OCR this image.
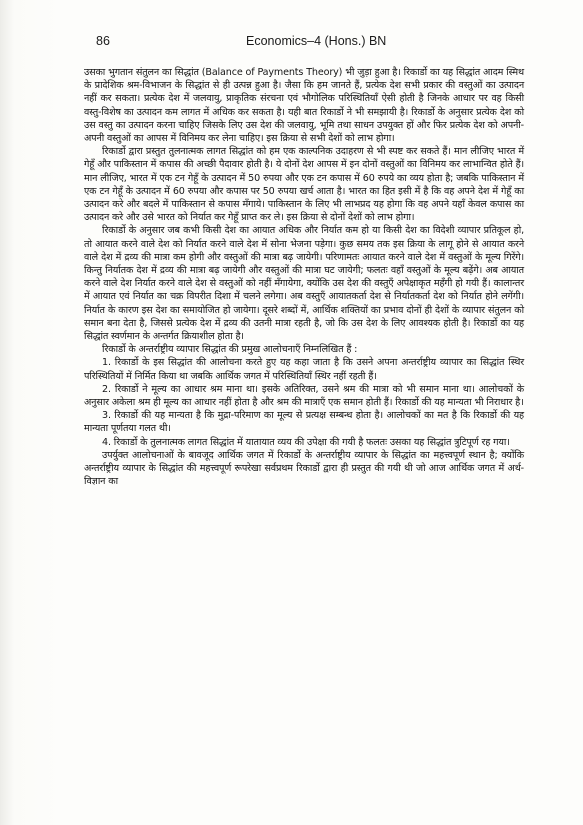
86	Economics–4 (Hons.) BN

उसका भुगतान संतुलन का सिद्धांत (Balance of Payments Theory) भी जुड़ा हुआ है। रिकार्डो का यह सिद्धांत आदम स्मिथ के प्रादेशिक श्रम-विभाजन के सिद्धांत से ही उत्पन्न हुआ है। जैसा कि हम जानते हैं, प्रत्येक देश सभी प्रकार की वस्तुओं का उत्पादन नहीं कर सकता। प्रत्येक देश में जलवायु, प्राकृतिक संरचना एवं भौगोलिक परिस्थितियाँ ऐसी होती है जिनके आधार पर वह किसी वस्तु-विशेष का उत्पादन कम लागत में अधिक कर सकता है। यही बात रिकार्डो ने भी समझायी है। रिकार्डो के अनुसार प्रत्येक देश को उस वस्तु का उत्पादन करना चाहिए जिसके लिए उस देश की जलवायु, भूमि तथा साधन उपयुक्त हों और फिर प्रत्येक देश को अपनी-अपनी वस्तुओं का आपस में विनिमय कर लेना चाहिए। इस क्रिया से सभी देशों को लाभ होगा।

रिकार्डो द्वारा प्रस्तुत तुलनात्मक लागत सिद्धांत को हम एक काल्पनिक उदाहरण से भी स्पष्ट कर सकते हैं। मान लीजिए भारत में गेहूँ और पाकिस्तान में कपास की अच्छी पैदावार होती है। ये दोनों देश आपस में इन दोनों वस्तुओं का विनिमय कर लाभान्वित होते हैं। मान लीजिए, भारत में एक टन गेहूँ के उत्पादन में 50 रुपया और एक टन कपास में 60 रुपये का व्यय होता है; जबकि पाकिस्तान में एक टन गेहूँ के उत्पादन में 60 रुपया और कपास पर 50 रुपया खर्च आता है। भारत का हित इसी में है कि वह अपने देश में गेहूँ का उत्पादन करे और बदले में पाकिस्तान से कपास मँगाये। पाकिस्तान के लिए भी लाभप्रद यह होगा कि वह अपने यहाँ केवल कपास का उत्पादन करे और उसे भारत को निर्यात कर गेहूँ प्राप्त कर ले। इस क्रिया से दोनों देशों को लाभ होगा।

रिकार्डो के अनुसार जब कभी किसी देश का आयात अधिक और निर्यात कम हो या किसी देश का विदेशी व्यापार प्रतिकूल हो, तो आयात करने वाले देश को निर्यात करने वाले देश में सोना भेजना पड़ेगा। कुछ समय तक इस क्रिया के लागू होने से आयात करने वाले देश में द्रव्य की मात्रा कम होगी और वस्तुओं की मात्रा बढ़ जायेगी। परिणामतः आयात करने वाले देश में वस्तुओं के मूल्य गिरेंगे। किन्तु निर्यातक देश में द्रव्य की मात्रा बढ़ जायेगी और वस्तुओं की मात्रा घट जायेगी; फलतः वहाँ वस्तुओं के मूल्य बढ़ेंगे। अब आयात करने वाले देश निर्यात करने वाले देश से वस्तुओं को नहीं मँगायेगा, क्योंकि उस देश की वस्तुएँ अपेक्षाकृत महँगी हो गयी हैं। कालान्तर में आयात एवं निर्यात का चक्र विपरीत दिशा में चलने लगेगा। अब वस्तुएँ आयातकर्ता देश से निर्यातकर्ता देश को निर्यात होने लगेंगी। निर्यात के कारण इस देश का समायोजित हो जायेगा। दूसरे शब्दों में, आर्थिक शक्तियों का प्रभाव दोनों ही देशों के व्यापार संतुलन को समान बना देता है, जिससे प्रत्येक देश में द्रव्य की उतनी मात्रा रहती है, जो कि उस देश के लिए आवश्यक होती है। रिकार्डो का यह सिद्धांत स्वर्णमान के अन्तर्गत क्रियाशील होता है।

रिकार्डो के अन्तर्राष्ट्रीय व्यापार सिद्धांत की प्रमुख आलोचनाएँ निम्नलिखित हैं :

1. रिकार्डो के इस सिद्धांत की आलोचना करते हुए यह कहा जाता है कि उसने अपना अन्तर्राष्ट्रीय व्यापार का सिद्धांत स्थिर परिस्थितियों में निर्मित किया था जबकि आर्थिक जगत में परिस्थितियाँ स्थिर नहीं रहती हैं।

2. रिकार्डो ने मूल्य का आधार श्रम माना था। इसके अतिरिक्त, उसने श्रम की मात्रा को भी समान माना था। आलोचकों के अनुसार अकेला श्रम ही मूल्य का आधार नहीं होता है और श्रम की मात्राएँ एक समान होती हैं। रिकार्डो की यह मान्यता भी निराधार है।

3. रिकार्डो की यह मान्यता है कि मुद्रा-परिमाण का मूल्य से प्रत्यक्ष सम्बन्ध होता है। आलोचकों का मत है कि रिकार्डो की यह मान्यता पूर्णतया गलत थी।

4. रिकार्डो के तुलनात्मक लागत सिद्धांत में यातायात व्यय की उपेक्षा की गयी है फलतः उसका यह सिद्धांत त्रुटिपूर्ण रह गया।

उपर्युक्त आलोचनाओं के बावजूद आर्थिक जगत में रिकार्डो के अन्तर्राष्ट्रीय व्यापार के सिद्धांत का महत्त्वपूर्ण स्थान है; क्योंकि अन्तर्राष्ट्रीय व्यापार के सिद्धांत की महत्त्वपूर्ण रूपरेखा सर्वप्रथम रिकार्डो द्वारा ही प्रस्तुत की गयी थी जो आज आर्थिक जगत में अर्थ-विज्ञान का
